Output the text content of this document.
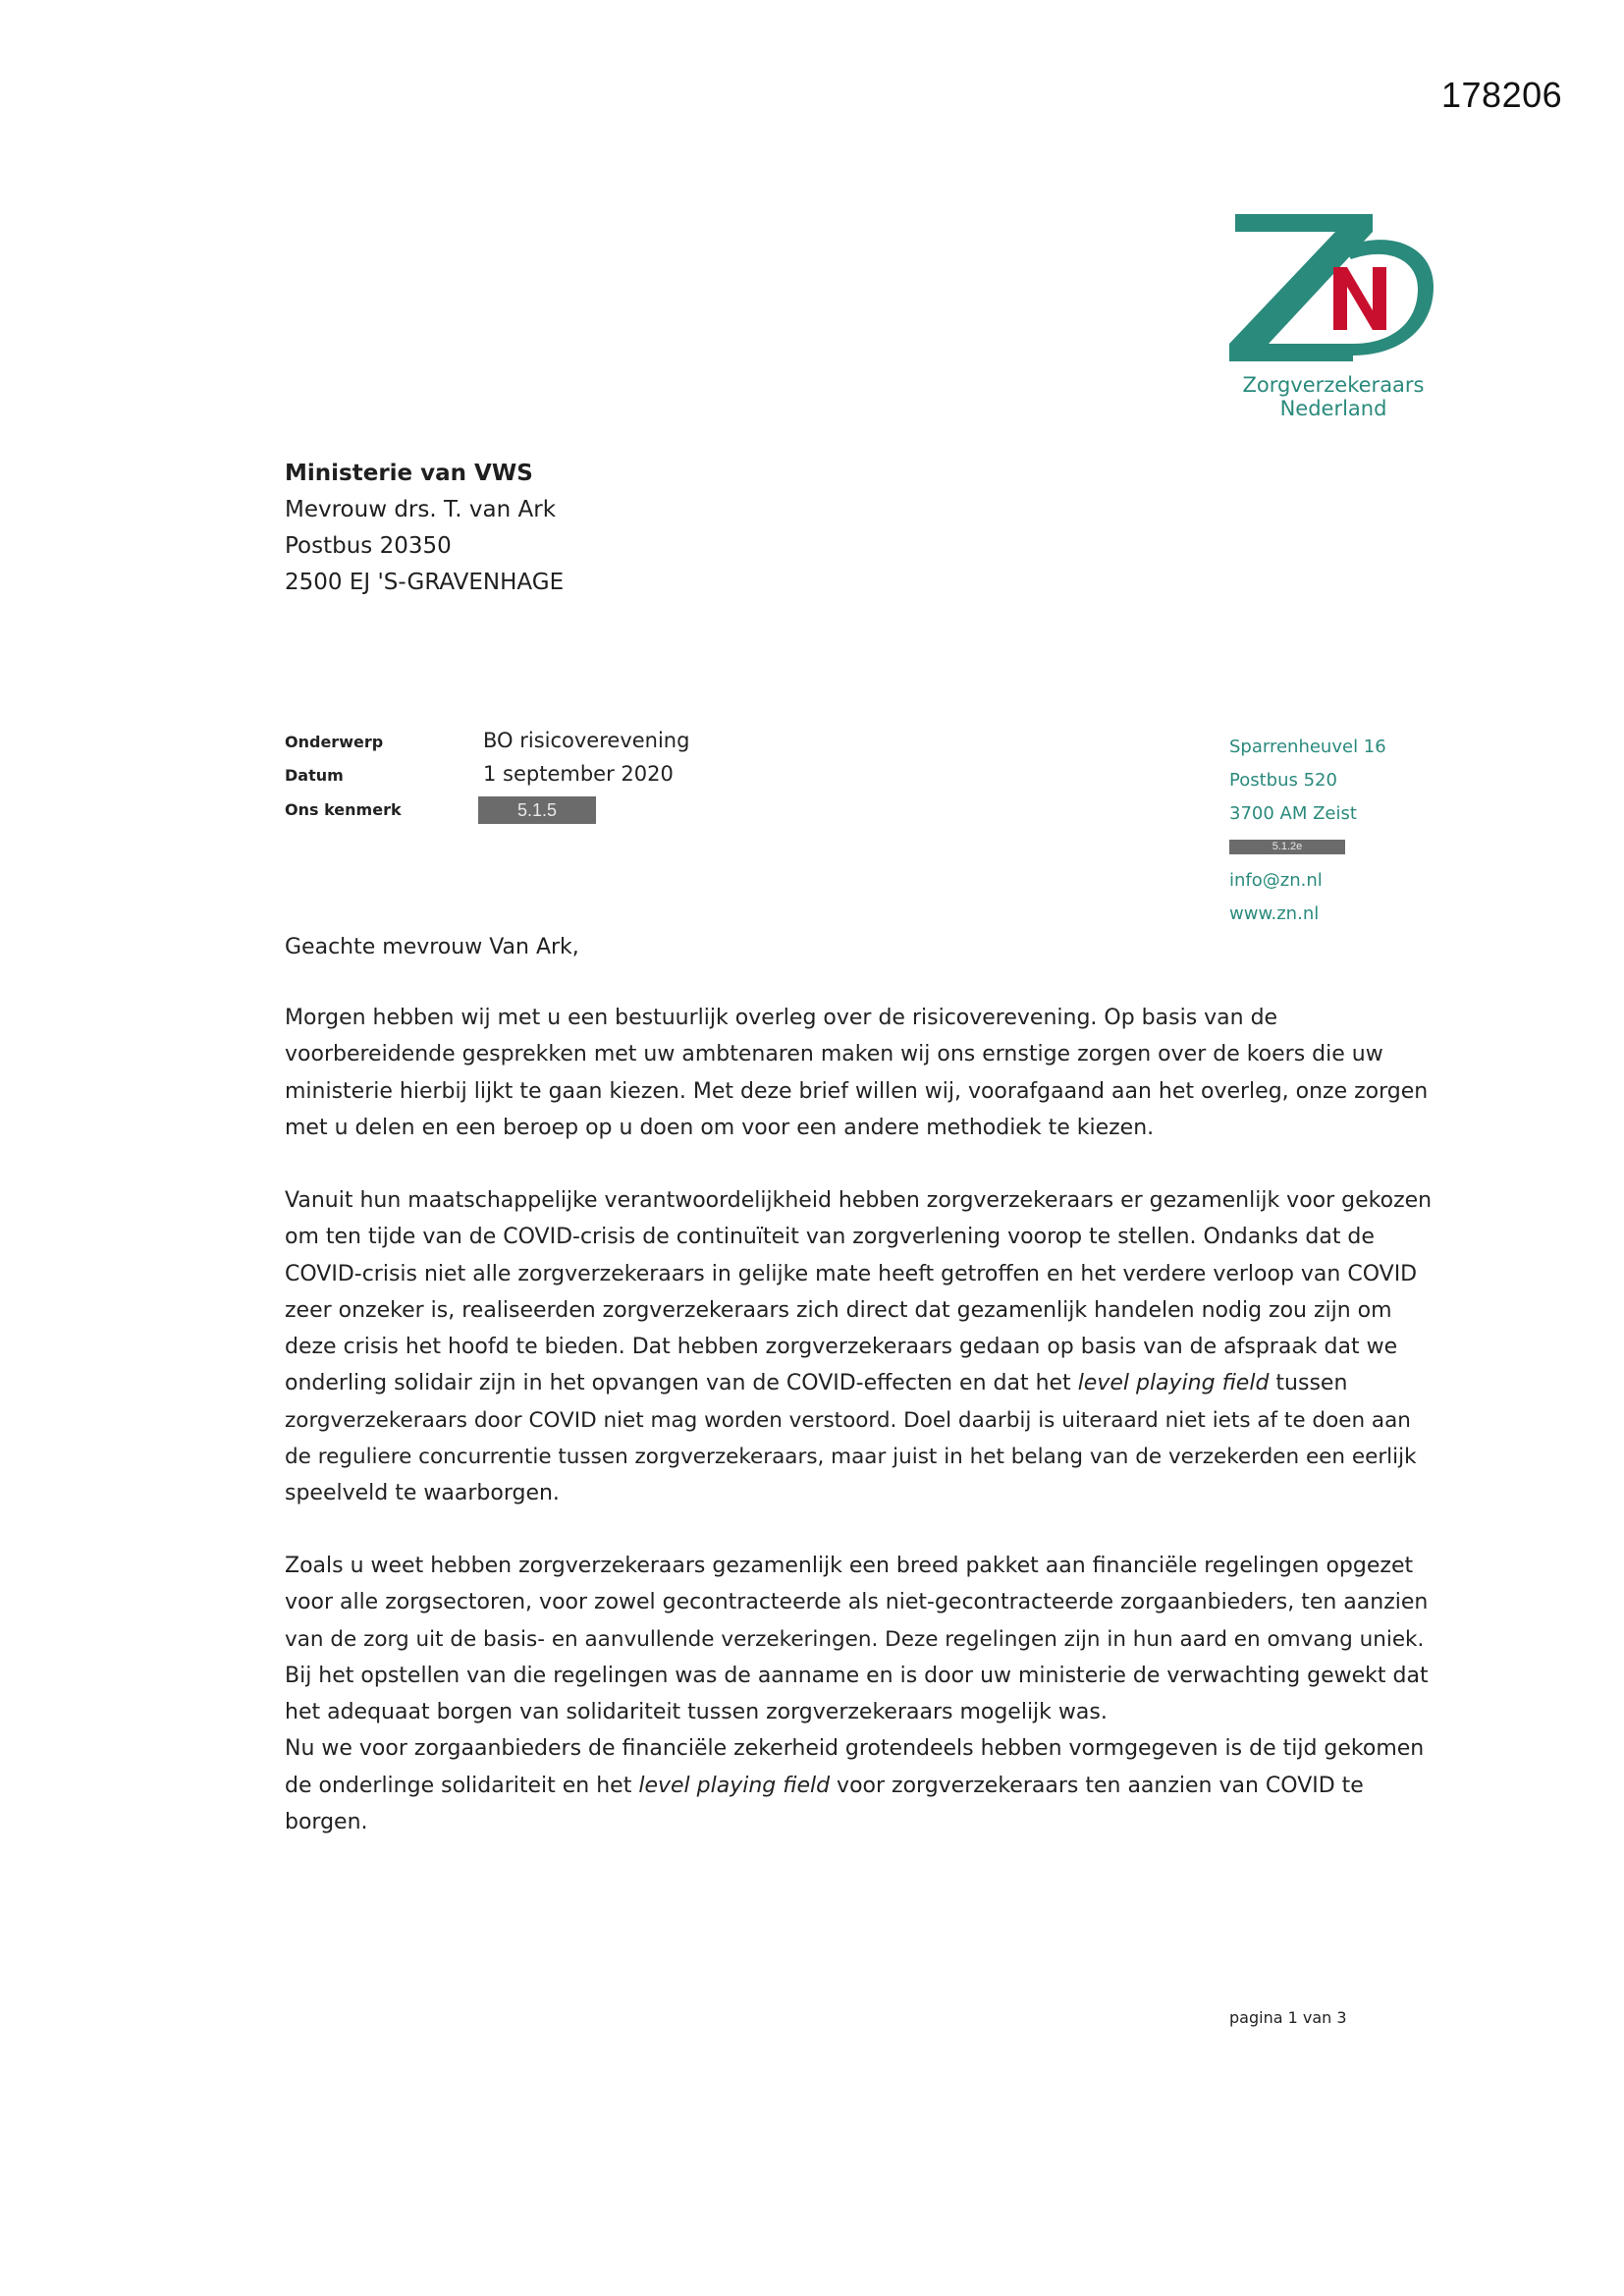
178206
Zorgverzekeraars
Nederland
Ministerie van VWS
Mevrouw drs. T. van Ark
Postbus 20350
2500 EJ 'S-GRAVENHAGE
Onderwerp	BO risicoverevening
Datum	1 september 2020
Ons kenmerk	5.1.5
Sparrenheuvel 16
Postbus 520
3700 AM Zeist
5.1.2e
info@zn.nl
www.zn.nl
Geachte mevrouw Van Ark,
Morgen hebben wij met u een bestuurlijk overleg over de risicoverevening. Op basis van de
voorbereidende gesprekken met uw ambtenaren maken wij ons ernstige zorgen over de koers die uw
ministerie hierbij lijkt te gaan kiezen. Met deze brief willen wij, voorafgaand aan het overleg, onze zorgen
met u delen en een beroep op u doen om voor een andere methodiek te kiezen.
Vanuit hun maatschappelijke verantwoordelijkheid hebben zorgverzekeraars er gezamenlijk voor gekozen
om ten tijde van de COVID-crisis de continuïteit van zorgverlening voorop te stellen. Ondanks dat de
COVID-crisis niet alle zorgverzekeraars in gelijke mate heeft getroffen en het verdere verloop van COVID
zeer onzeker is, realiseerden zorgverzekeraars zich direct dat gezamenlijk handelen nodig zou zijn om
deze crisis het hoofd te bieden. Dat hebben zorgverzekeraars gedaan op basis van de afspraak dat we
onderling solidair zijn in het opvangen van de COVID-effecten en dat het level playing field tussen
zorgverzekeraars door COVID niet mag worden verstoord. Doel daarbij is uiteraard niet iets af te doen aan
de reguliere concurrentie tussen zorgverzekeraars, maar juist in het belang van de verzekerden een eerlijk
speelveld te waarborgen.
Zoals u weet hebben zorgverzekeraars gezamenlijk een breed pakket aan financiële regelingen opgezet
voor alle zorgsectoren, voor zowel gecontracteerde als niet-gecontracteerde zorgaanbieders, ten aanzien
van de zorg uit de basis- en aanvullende verzekeringen. Deze regelingen zijn in hun aard en omvang uniek.
Bij het opstellen van die regelingen was de aanname en is door uw ministerie de verwachting gewekt dat
het adequaat borgen van solidariteit tussen zorgverzekeraars mogelijk was.
Nu we voor zorgaanbieders de financiële zekerheid grotendeels hebben vormgegeven is de tijd gekomen
de onderlinge solidariteit en het level playing field voor zorgverzekeraars ten aanzien van COVID te
borgen.
pagina 1 van 3
